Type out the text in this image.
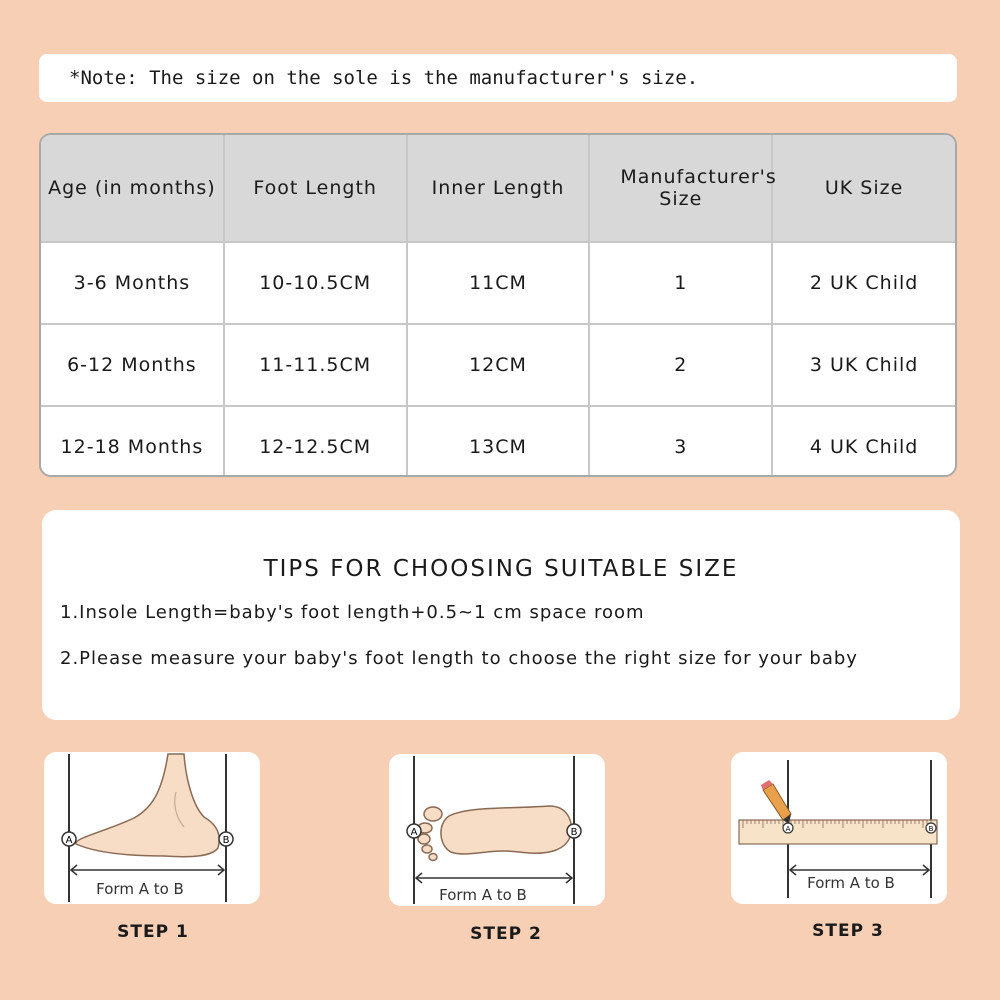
*Note: The size on the sole is the manufacturer's size.
Age (in months)	Foot Length	Inner Length	Manufacturer's Size	UK Size
3-6 Months	10-10.5CM	11CM	1	2 UK Child
6-12 Months	11-11.5CM	12CM	2	3 UK Child
12-18 Months	12-12.5CM	13CM	3	4 UK Child
TIPS FOR CHOOSING SUITABLE SIZE
1.Insole Length=baby's foot length+0.5~1 cm space room
2.Please measure your baby's foot length to choose the right size for your baby
A	B
Form A to B
STEP 1
A	B
Form A to B
STEP 2
A	B
Form A to B
STEP 3
